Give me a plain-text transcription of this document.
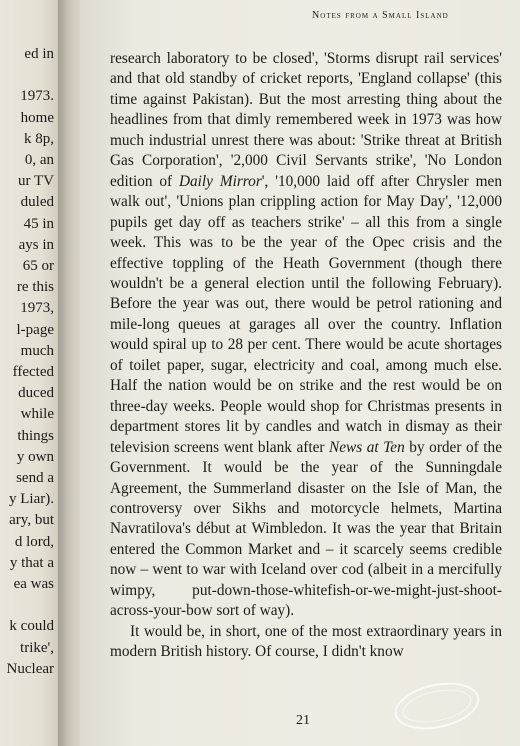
ed in

1973.

home

k 8p,

0, an

ur TV

duled

45 in

ays in

65 or

re this

1973,

l-page

much

ffected

duced

while

things

y own

send a

y Liar).

ary, but

d lord,

y that a

ea was

k could

trike',

Nuclear

Notes from a Small Island

research laboratory to be closed', 'Storms disrupt rail services' and that old standby of cricket reports, 'England collapse' (this time against Pakistan). But the most arresting thing about the headlines from that dimly remembered week in 1973 was how much industrial unrest there was about: 'Strike threat at British Gas Corporation', '2,000 Civil Servants strike', 'No London edition of Daily Mirror', '10,000 laid off after Chrysler men walk out', 'Unions plan crippling action for May Day', '12,000 pupils get day off as teachers strike' – all this from a single week. This was to be the year of the Opec crisis and the effective toppling of the Heath Government (though there wouldn't be a general election until the following February). Before the year was out, there would be petrol rationing and mile-long queues at garages all over the country. Inflation would spiral up to 28 per cent. There would be acute shortages of toilet paper, sugar, electricity and coal, among much else. Half the nation would be on strike and the rest would be on three-day weeks. People would shop for Christmas presents in department stores lit by candles and watch in dismay as their television screens went blank after News at Ten by order of the Government. It would be the year of the Sunningdale Agreement, the Summerland disaster on the Isle of Man, the controversy over Sikhs and motorcycle helmets, Martina Navratilova's début at Wimbledon. It was the year that Britain entered the Common Market and – it scarcely seems credible now – went to war with Iceland over cod (albeit in a mercifully wimpy, put-down-those-whitefish-or-we-might-just-shoot-across-your-bow sort of way).

It would be, in short, one of the most extraordinary years in modern British history. Of course, I didn't know

21
